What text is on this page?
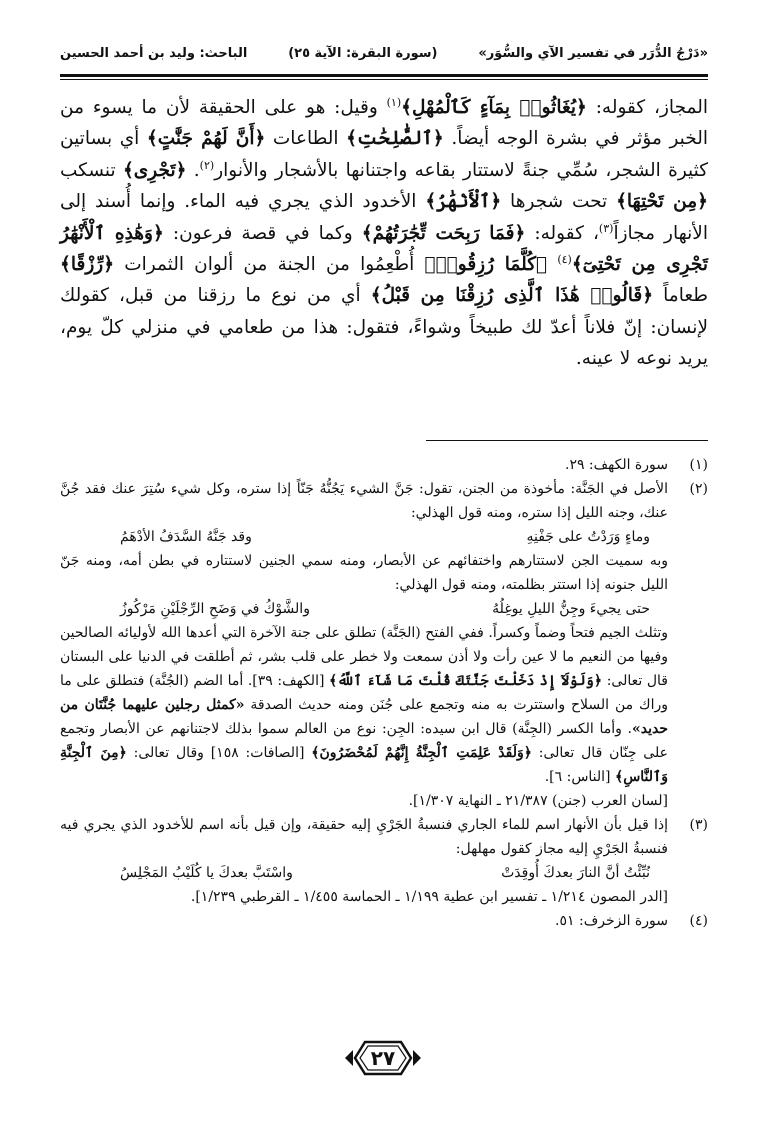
«دَرْجُ الدُّرَر في تفسير الآي والسُّوَر»
(سورة البقرة: الآية ٢٥)
الباحث: وليد بن أحمد الحسين

المجاز، كقوله: ﴿يُغَاثُوا۟ بِمَآءٍ كَٱلْمُهْلِ﴾$^{(١)}$ وقيل: هو على الحقيقة لأن ما يسوء من الخبر مؤثر في بشرة الوجه أيضاً. ﴿ٱلصَّٰلِحَٰتِ﴾ الطاعات ﴿أَنَّ لَهُمْ جَنَّٰتٍ﴾ أي بساتين كثيرة الشجر، سُمِّي جنةً لاستتار بقاعه واجتنانها بالأشجار والأنوار$^{(٢)}$. ﴿تَجْرِى﴾ تنسكب ﴿مِن تَحْتِهَا﴾ تحت شجرها ﴿ٱلْأَنْهَٰرُ﴾ الأخدود الذي يجري فيه الماء. وإنما أُسند إلى الأنهار مجازاً$^{(٣)}$، كقوله: ﴿فَمَا رَبِحَت تِّجَٰرَتُهُمْ﴾ وكما في قصة فرعون: ﴿وَهَٰذِهِ ٱلْأَنْهَٰرُ تَجْرِى مِن تَحْتِىٓ﴾$^{(٤)}$ ﴿كُلَّمَا رُزِقُوا۟﴾ أُطْعِمُوا من الجنة من ألوان الثمرات ﴿رِّزْقًا﴾ طعاماً ﴿قَالُوا۟ هَٰذَا ٱلَّذِى رُزِقْنَا مِن قَبْلُ﴾ أي من نوع ما رزقنا من قبل، كقولك لإنسان: إنّ فلاناً أعدّ لك طبيخاً وشواءً، فتقول: هذا من طعامي في منزلي كلّ يوم، يريد نوعه لا عينه.

(١)
سورة الكهف: ٢٩.
(٢)

الأصل في الجَنَّة: مأخوذة من الجنن، تقول: جَنَّ الشيء يَجُنُّهُ جَنّاً إذا ستره، وكل شيء سُتِرَ عنك فقد جُنَّ عنك، وجنه الليل إذا ستره، ومنه قول الهذلي:

وماءٍ وَرَدْتُ على جَفْنِهِ
وقد جَنَّهُ السَّدَفُ الأدْهَمُ

وبه سميت الجن لاستتارهم واختفائهم عن الأبصار، ومنه سمي الجنين لاستتاره في بطن أمه، ومنه جَنّ الليل جنونه إذا استتر بظلمته، ومنه قول الهذلي:

حتى يجيءَ وجِنُّ الليلِ يوغِلُهُ
والشَّوْكُ في وَضَحِ الرِّجْلَيْنِ مَرْكُوزُ

وتثلث الجيم فتحاً وضماً وكسراً. ففي الفتح (الجَنَّة) تطلق على جنة الآخرة التي أعدها الله لأوليائه الصالحين وفيها من النعيم ما لا عين رأت ولا أذن سمعت ولا خطر على قلب بشر، ثم أطلقت في الدنيا على البستان قال تعالى: ﴿وَلَوْلَآ إِذْ دَخَلْتَ جَنَّتَكَ قُلْتَ مَا شَآءَ ٱللَّهُ﴾ [الكهف: ٣٩]. أما الضم (الجُنَّة) فتطلق على ما وراك من السلاح واستترت به منه وتجمع على جُنَن ومنه حديث الصدقة «كمثل رجلين عليهما جُنَّتَان من حديد». وأما الكسر (الجِنَّة) قال ابن سيده: الجِن: نوع من العالم سموا بذلك لاجتنانهم عن الأبصار وتجمع على جِنّان قال تعالى: ﴿وَلَقَدْ عَلِمَتِ ٱلْجِنَّةُ إِنَّهُمْ لَمُحْضَرُونَ﴾ [الصافات: ١٥٨] وقال تعالى: ﴿مِنَ ٱلْجِنَّةِ وَٱلنَّاسِ﴾ [الناس: ٦].

[لسان العرب (جنن) ٢١/٣٨٧ ـ النهاية ١/٣٠٧].

(٣)

إذا قيل بأن الأنهار اسم للماء الجاري فنسبةُ الجَرْيِ إليه حقيقة، وإن قيل بأنه اسم للأخدود الذي يجري فيه فنسبةُ الجَرْيِ إليه مجاز كقول مهلهل:

نُبِّئْتُ أنَّ النارَ بعدكَ أُوقِدَتْ
واسْتَبَّ بعدكَ يا كُلَيْبُ المَجْلِسُ

[الدر المصون ١/٢١٤ ـ تفسير ابن عطية ١/١٩٩ ـ الحماسة ١/٤٥٥ ـ القرطبي ١/٢٣٩].

(٤)
سورة الزخرف: ٥١.
٢٧
